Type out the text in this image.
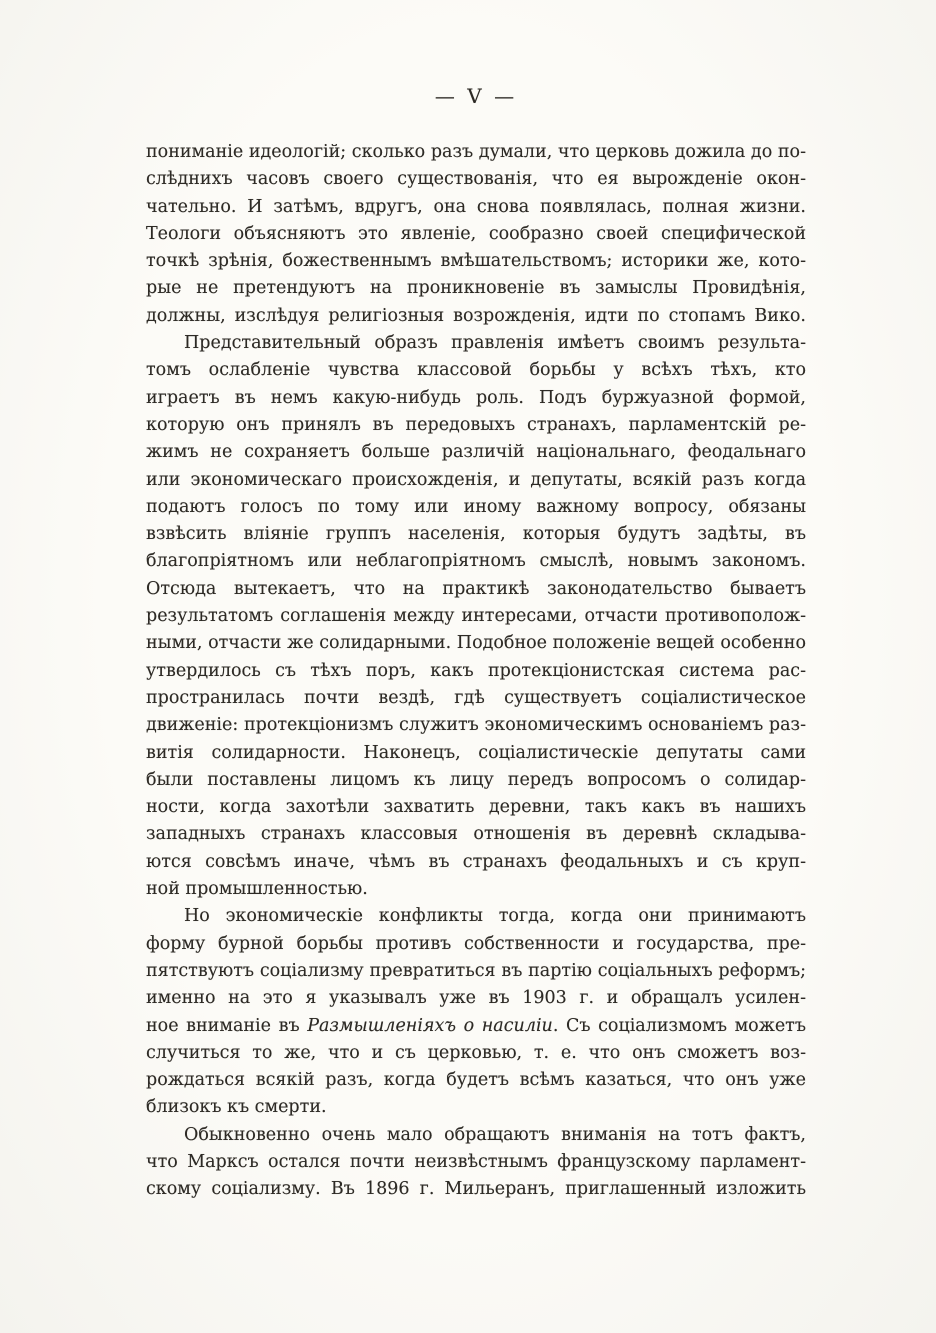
— V —
пониманіе идеологій; сколько разъ думали, что церковь дожила до по-
слѣднихъ часовъ своего существованія, что ея вырожденіе окон-
чательно. И затѣмъ, вдругъ, она снова появлялась, полная жизни.
Теологи объясняютъ это явленіе, сообразно своей специфической
точкѣ зрѣнія, божественнымъ вмѣшательствомъ; историки же, кото-
рые не претендуютъ на проникновеніе въ замыслы Провидѣнія,
должны, изслѣдуя религіозныя возрожденія, идти по стопамъ Вико.
Представительный образъ правленія имѣетъ своимъ результа-
томъ ослабленіе чувства классовой борьбы у всѣхъ тѣхъ, кто
играетъ въ немъ какую-нибудь роль. Подъ буржуазной формой,
которую онъ принялъ въ передовыхъ странахъ, парламентскій ре-
жимъ не сохраняетъ больше различій національнаго, феодальнаго
или экономическаго происхожденія, и депутаты, всякій разъ когда
подаютъ голосъ по тому или иному важному вопросу, обязаны
взвѣсить вліяніе группъ населенія, которыя будутъ задѣты, въ
благопріятномъ или неблагопріятномъ смыслѣ, новымъ закономъ.
Отсюда вытекаетъ, что на практикѣ законодательство бываетъ
результатомъ соглашенія между интересами, отчасти противополож-
ными, отчасти же солидарными. Подобное положеніе вещей особенно
утвердилось съ тѣхъ поръ, какъ протекціонистская система рас-
пространилась почти вездѣ, гдѣ существуетъ соціалистическое
движеніе: протекціонизмъ служитъ экономическимъ основаніемъ раз-
витія солидарности. Наконецъ, соціалистическіе депутаты сами
были поставлены лицомъ къ лицу передъ вопросомъ о солидар-
ности, когда захотѣли захватить деревни, такъ какъ въ нашихъ
западныхъ странахъ классовыя отношенія въ деревнѣ складыва-
ются совсѣмъ иначе, чѣмъ въ странахъ феодальныхъ и съ круп-
ной промышленностью.
Но экономическіе конфликты тогда, когда они принимаютъ
форму бурной борьбы противъ собственности и государства, пре-
пятствуютъ соціализму превратиться въ партію соціальныхъ реформъ;
именно на это я указывалъ уже въ 1903 г. и обращалъ усилен-
ное вниманіе въ Размышленіяхъ о насиліи. Съ соціализмомъ можетъ
случиться то же, что и съ церковью, т. е. что онъ сможетъ воз-
рождаться всякій разъ, когда будетъ всѣмъ казаться, что онъ уже
близокъ къ смерти.
Обыкновенно очень мало обращаютъ вниманія на тотъ фактъ,
что Марксъ остался почти неизвѣстнымъ французскому парламент-
скому соціализму. Въ 1896 г. Мильеранъ, приглашенный изложить
